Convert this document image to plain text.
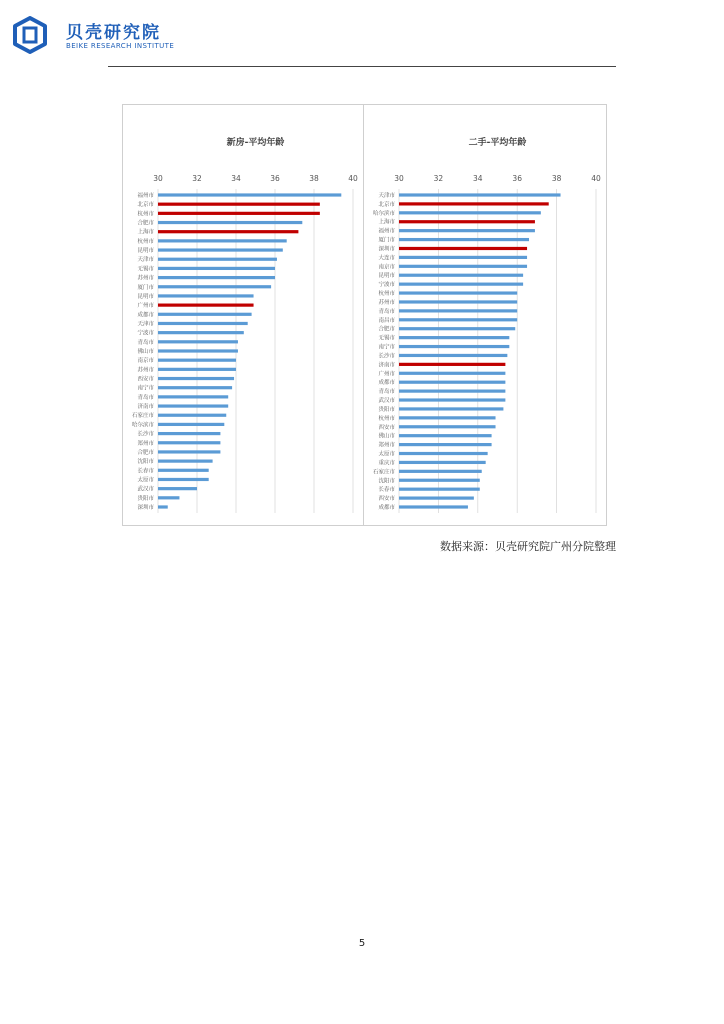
贝壳研究院
BEIKE RESEARCH INSTITUTE
新房-平均年龄
30	32	34	36	38	40
福州市
北京市
杭州市
合肥市
上海市
杭州市
昆明市
天津市
无锡市
苏州市
厦门市
昆明市
广州市
成都市
天津市
宁波市
青岛市
佛山市
南京市
苏州市
西安市
南宁市
青岛市
济南市
石家庄市
哈尔滨市
长沙市
郑州市
合肥市
沈阳市
长春市
太原市
武汉市
贵阳市
深圳市
二手-平均年龄
30	32	34	36	38	40
天津市
北京市
哈尔滨市
上海市
福州市
厦门市
深圳市
大连市
南京市
昆明市
宁波市
杭州市
苏州市
青岛市
南昌市
合肥市
无锡市
南宁市
长沙市
济南市
广州市
成都市
青岛市
武汉市
贵阳市
杭州市
西安市
佛山市
郑州市
太原市
重庆市
石家庄市
沈阳市
长春市
西安市
成都市
数据来源：贝壳研究院广州分院整理
5
